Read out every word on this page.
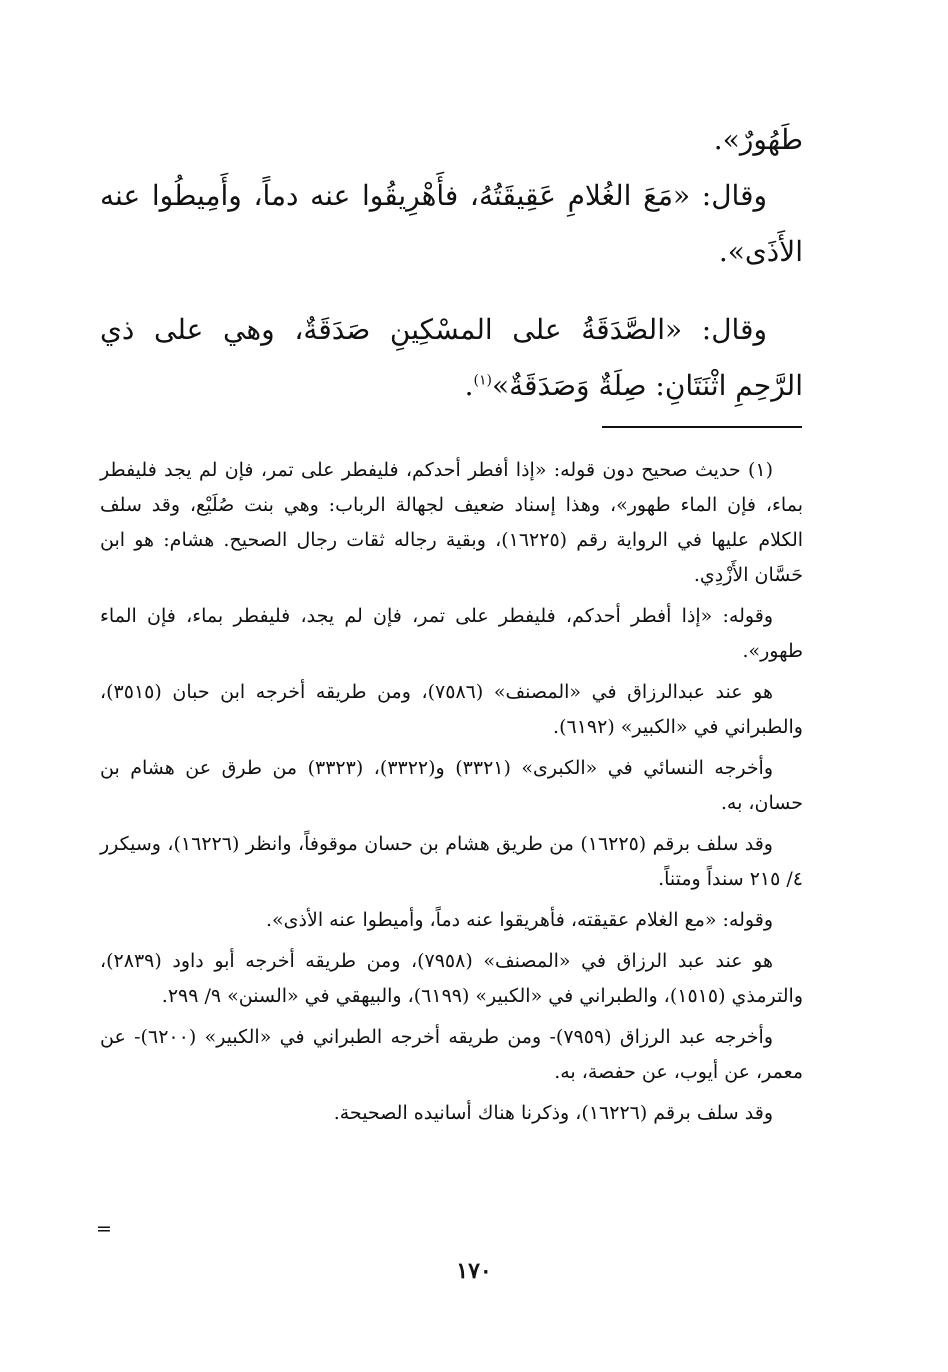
طَهُورٌ».

وقال: «مَعَ الغُلامِ عَقِيقَتُهُ، فأَهْرِيقُوا عنه دماً، وأَمِيطُوا عنه الأَذَى».

وقال: «الصَّدَقَةُ على المسْكِينِ صَدَقَةٌ، وهي على ذي الرَّحِمِ اثْنَتَانِ: صِلَةٌ وَصَدَقَةٌ»$^{(١)}$.

(١) حديث صحيح دون قوله: «إذا أفطر أحدكم، فليفطر على تمر، فإن لم يجد فليفطر بماء، فإن الماء طهور»، وهذا إسناد ضعيف لجهالة الرباب: وهي بنت صُلَيْع، وقد سلف الكلام عليها في الرواية رقم (١٦٢٢٥)، وبقية رجاله ثقات رجال الصحيح. هشام: هو ابن حَسَّان الأَزْدِي.

وقوله: «إذا أفطر أحدكم، فليفطر على تمر، فإن لم يجد، فليفطر بماء، فإن الماء طهور».

هو عند عبدالرزاق في «المصنف» (٧٥٨٦)، ومن طريقه أخرجه ابن حبان (٣٥١٥)، والطبراني في «الكبير» (٦١٩٢).

وأخرجه النسائي في «الكبرى» (٣٣٢١) و(٣٣٢٢)، (٣٣٢٣) من طرق عن هشام بن حسان، به.

وقد سلف برقم (١٦٢٢٥) من طريق هشام بن حسان موقوفاً، وانظر (١٦٢٢٦)، وسيكرر ٤/ ٢١٥ سنداً ومتناً.

وقوله: «مع الغلام عقيقته، فأهريقوا عنه دماً، وأميطوا عنه الأذى».

هو عند عبد الرزاق في «المصنف» (٧٩٥٨)، ومن طريقه أخرجه أبو داود (٢٨٣٩)، والترمذي (١٥١٥)، والطبراني في «الكبير» (٦١٩٩)، والبيهقي في «السنن» ٩/ ٢٩٩.

وأخرجه عبد الرزاق (٧٩٥٩)- ومن طريقه أخرجه الطبراني في «الكبير» (٦٢٠٠)- عن معمر، عن أيوب، عن حفصة، به.

وقد سلف برقم (١٦٢٢٦)، وذكرنا هناك أسانيده الصحيحة.

=
١٧٠
